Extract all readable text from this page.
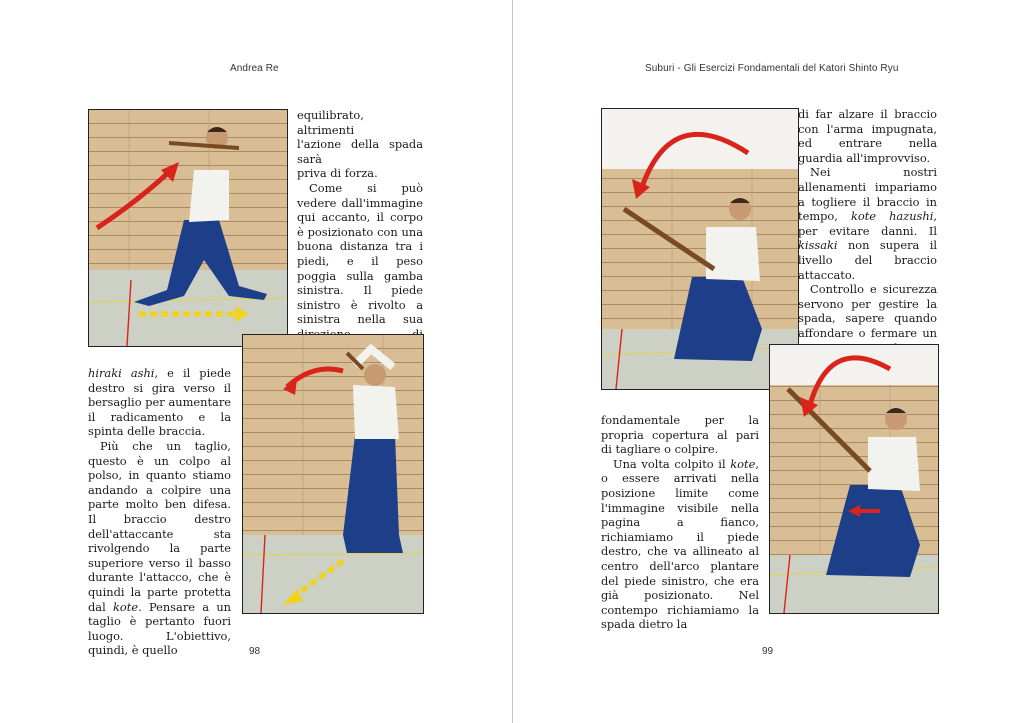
Andrea Re

equilibrato, altrimenti

l'azione della spada sarà

priva di forza.

Come si può vedere dall'immagine qui accanto, il corpo è posizionato con una buona distanza tra i piedi, e il peso poggia sulla gamba sinistra. Il piede sinistro è rivolto a sinistra nella sua

hiraki ashi, e il piede destro si gira verso il bersaglio per aumentare il radicamento e la spinta delle braccia.

Più che un taglio, questo è un colpo al polso, in quanto stiamo andando a colpire una parte molto ben difesa. Il braccio destro dell'attaccante sta rivolgendo la parte superiore verso il basso durante l'attacco, che è quindi la parte protetta dal kote. Pensare a un taglio è pertanto fuori luogo. L'obiettivo, quindi, è quello	98
Suburi - Gli Esercizi Fondamentali del Katori Shinto Ryu

di far alzare il braccio con l'arma impugnata, ed entrare nella guardia all'improvviso.

Nei nostri allenamenti impariamo a togliere il braccio in tempo, kote hazushi, per evitare danni. Il kissaki non supera il livello del braccio attaccato.

Controllo e sicurezza servono per gestire la spada, sapere quando affondare o fermare un

fondamentale per la propria copertura al pari di tagliare o colpire.

Una volta colpito il kote, o essere arrivati nella posizione limite come l'immagine visibile nella pagina a fianco, richiamiamo il piede destro, che va allineato al centro dell'arco plantare del piede sinistro, che era già posizionato. Nel contempo richiamiamo la spada dietro la

99
